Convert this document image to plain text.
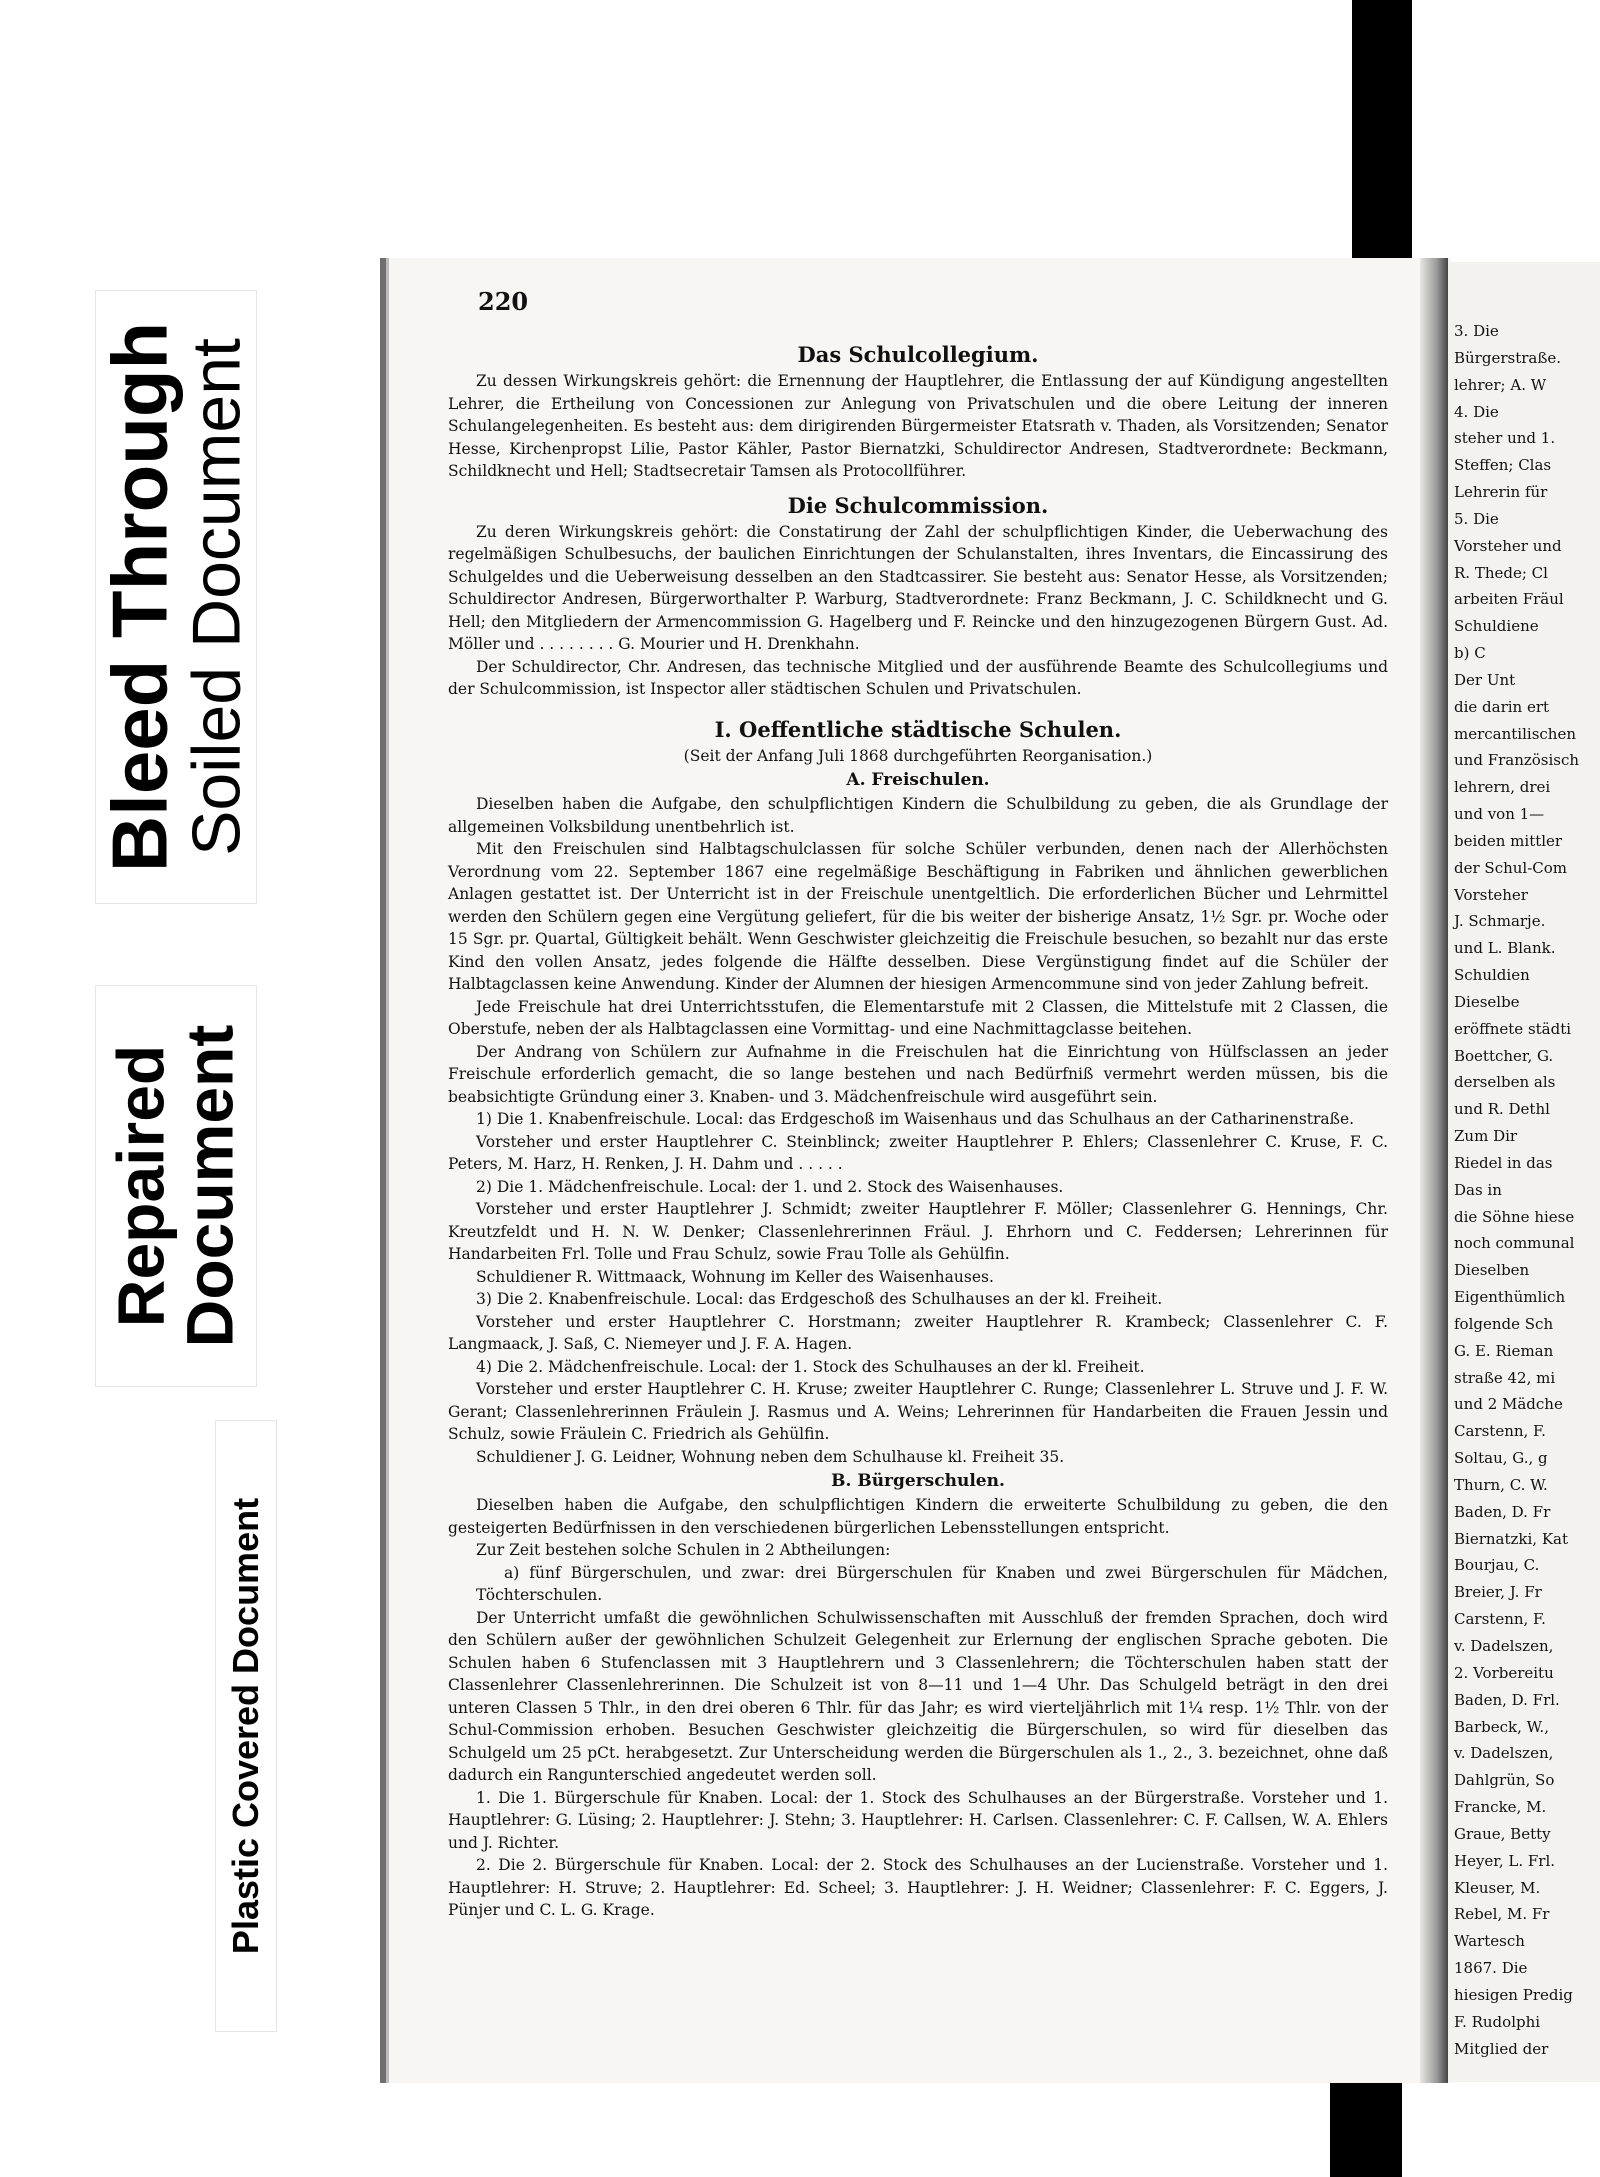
Bleed Through
Soiled Document
Repaired
Document
Plastic Covered Document
3. Die
Bürgerstraße.
lehrer; A. W
4. Die
steher und 1.
Steffen; Clas
Lehrerin für
5. Die
Vorsteher und
R. Thede; Cl
arbeiten Fräul
Schuldiene
b) C
Der Unt
die darin ert
mercantilischen
und Französisch
lehrern, drei
und von 1—
beiden mittler
der Schul-Com
Vorsteher
J. Schmarje.
und L. Blank.
Schuldien
Dieselbe
eröffnete städti
Boettcher, G.
derselben als
und R. Dethl
Zum Dir
Riedel in das
Das in
die Söhne hiese
noch communal
Dieselben
Eigenthümlich
folgende Sch
G. E. Rieman
straße 42, mi
und 2 Mädche
Carstenn, F.
Soltau, G., g
Thurn, C. W.
Baden, D. Fr
Biernatzki, Kat
Bourjau, C.
Breier, J. Fr
Carstenn, F.
v. Dadelszen,
2. Vorbereitu
Baden, D. Frl.
Barbeck, W.,
v. Dadelszen,
Dahlgrün, So
Francke, M.
Graue, Betty
Heyer, L. Frl.
Kleuser, M.
Rebel, M. Fr
Wartesch
1867. Die
hiesigen Predig
F. Rudolphi
Mitglied der
220
Das Schulcollegium.

Zu dessen Wirkungskreis gehört: die Ernennung der Hauptlehrer, die Entlassung der auf Kündigung angestellten Lehrer, die Ertheilung von Concessionen zur Anlegung von Privatschulen und die obere Leitung der inneren Schulangelegenheiten. Es besteht aus: dem dirigirenden Bürgermeister Etatsrath v. Thaden, als Vorsitzenden; Senator Hesse, Kirchenpropst Lilie, Pastor Kähler, Pastor Biernatzki, Schuldirector Andresen, Stadtverordnete: Beckmann, Schildknecht und Hell; Stadtsecretair Tamsen als Protocollführer.

Die Schulcommission.

Zu deren Wirkungskreis gehört: die Constatirung der Zahl der schulpflichtigen Kinder, die Ueberwachung des regelmäßigen Schulbesuchs, der baulichen Einrichtungen der Schulanstalten, ihres Inventars, die Eincassirung des Schulgeldes und die Ueberweisung desselben an den Stadtcassirer. Sie besteht aus: Senator Hesse, als Vorsitzenden; Schuldirector Andresen, Bürgerworthalter P. Warburg, Stadtverordnete: Franz Beckmann, J. C. Schildknecht und G. Hell; den Mitgliedern der Armencommission G. Hagelberg und F. Reincke und den hinzugezogenen Bürgern Gust. Ad. Möller und . . . . . . . . G. Mourier und H. Drenkhahn.

Der Schuldirector, Chr. Andresen, das technische Mitglied und der ausführende Beamte des Schulcollegiums und der Schulcommission, ist Inspector aller städtischen Schulen und Privatschulen.

I. Oeffentliche städtische Schulen.

(Seit der Anfang Juli 1868 durchgeführten Reorganisation.)

A. Freischulen.

Dieselben haben die Aufgabe, den schulpflichtigen Kindern die Schulbildung zu geben, die als Grundlage der allgemeinen Volksbildung unentbehrlich ist.

Mit den Freischulen sind Halbtagschulclassen für solche Schüler verbunden, denen nach der Allerhöchsten Verordnung vom 22. September 1867 eine regelmäßige Beschäftigung in Fabriken und ähnlichen gewerblichen Anlagen gestattet ist. Der Unterricht ist in der Freischule unentgeltlich. Die erforderlichen Bücher und Lehrmittel werden den Schülern gegen eine Vergütung geliefert, für die bis weiter der bisherige Ansatz, 1½ Sgr. pr. Woche oder 15 Sgr. pr. Quartal, Gültigkeit behält. Wenn Geschwister gleichzeitig die Freischule besuchen, so bezahlt nur das erste Kind den vollen Ansatz, jedes folgende die Hälfte desselben. Diese Vergünstigung findet auf die Schüler der Halbtagclassen keine Anwendung. Kinder der Alumnen der hiesigen Armencommune sind von jeder Zahlung befreit.

Jede Freischule hat drei Unterrichtsstufen, die Elementarstufe mit 2 Classen, die Mittelstufe mit 2 Classen, die Oberstufe, neben der als Halbtagclassen eine Vormittag- und eine Nachmittagclasse beitehen.

Der Andrang von Schülern zur Aufnahme in die Freischulen hat die Einrichtung von Hülfsclassen an jeder Freischule erforderlich gemacht, die so lange bestehen und nach Bedürfniß vermehrt werden müssen, bis die beabsichtigte Gründung einer 3. Knaben- und 3. Mädchenfreischule wird ausgeführt sein.

1) Die 1. Knabenfreischule. Local: das Erdgeschoß im Waisenhaus und das Schulhaus an der Catharinenstraße.

Vorsteher und erster Hauptlehrer C. Steinblinck; zweiter Hauptlehrer P. Ehlers; Classenlehrer C. Kruse, F. C. Peters, M. Harz, H. Renken, J. H. Dahm und . . . . .

2) Die 1. Mädchenfreischule. Local: der 1. und 2. Stock des Waisenhauses.

Vorsteher und erster Hauptlehrer J. Schmidt; zweiter Hauptlehrer F. Möller; Classenlehrer G. Hennings, Chr. Kreutzfeldt und H. N. W. Denker; Classenlehrerinnen Fräul. J. Ehrhorn und C. Feddersen; Lehrerinnen für Handarbeiten Frl. Tolle und Frau Schulz, sowie Frau Tolle als Gehülfin.

Schuldiener R. Wittmaack, Wohnung im Keller des Waisenhauses.

3) Die 2. Knabenfreischule. Local: das Erdgeschoß des Schulhauses an der kl. Freiheit.

Vorsteher und erster Hauptlehrer C. Horstmann; zweiter Hauptlehrer R. Krambeck; Classenlehrer C. F. Langmaack, J. Saß, C. Niemeyer und J. F. A. Hagen.

4) Die 2. Mädchenfreischule. Local: der 1. Stock des Schulhauses an der kl. Freiheit.

Vorsteher und erster Hauptlehrer C. H. Kruse; zweiter Hauptlehrer C. Runge; Classenlehrer L. Struve und J. F. W. Gerant; Classenlehrerinnen Fräulein J. Rasmus und A. Weins; Lehrerinnen für Handarbeiten die Frauen Jessin und Schulz, sowie Fräulein C. Friedrich als Gehülfin.

Schuldiener J. G. Leidner, Wohnung neben dem Schulhause kl. Freiheit 35.

B. Bürgerschulen.

Dieselben haben die Aufgabe, den schulpflichtigen Kindern die erweiterte Schulbildung zu geben, die den gesteigerten Bedürfnissen in den verschiedenen bürgerlichen Lebensstellungen entspricht.

Zur Zeit bestehen solche Schulen in 2 Abtheilungen:

a) fünf Bürgerschulen, und zwar: drei Bürgerschulen für Knaben und zwei Bürgerschulen für Mädchen, Töchterschulen.

Der Unterricht umfaßt die gewöhnlichen Schulwissenschaften mit Ausschluß der fremden Sprachen, doch wird den Schülern außer der gewöhnlichen Schulzeit Gelegenheit zur Erlernung der englischen Sprache geboten. Die Schulen haben 6 Stufenclassen mit 3 Hauptlehrern und 3 Classenlehrern; die Töchterschulen haben statt der Classenlehrer Classenlehrerinnen. Die Schulzeit ist von 8—11 und 1—4 Uhr. Das Schulgeld beträgt in den drei unteren Classen 5 Thlr., in den drei oberen 6 Thlr. für das Jahr; es wird vierteljährlich mit 1¼ resp. 1½ Thlr. von der Schul-Commission erhoben. Besuchen Geschwister gleichzeitig die Bürgerschulen, so wird für dieselben das Schulgeld um 25 pCt. herabgesetzt. Zur Unterscheidung werden die Bürgerschulen als 1., 2., 3. bezeichnet, ohne daß dadurch ein Rangunterschied angedeutet werden soll.

1. Die 1. Bürgerschule für Knaben. Local: der 1. Stock des Schulhauses an der Bürgerstraße. Vorsteher und 1. Hauptlehrer: G. Lüsing; 2. Hauptlehrer: J. Stehn; 3. Hauptlehrer: H. Carlsen. Classenlehrer: C. F. Callsen, W. A. Ehlers und J. Richter.

2. Die 2. Bürgerschule für Knaben. Local: der 2. Stock des Schulhauses an der Lucienstraße. Vorsteher und 1. Hauptlehrer: H. Struve; 2. Hauptlehrer: Ed. Scheel; 3. Hauptlehrer: J. H. Weidner; Classenlehrer: F. C. Eggers, J. Pünjer und C. L. G. Krage.
